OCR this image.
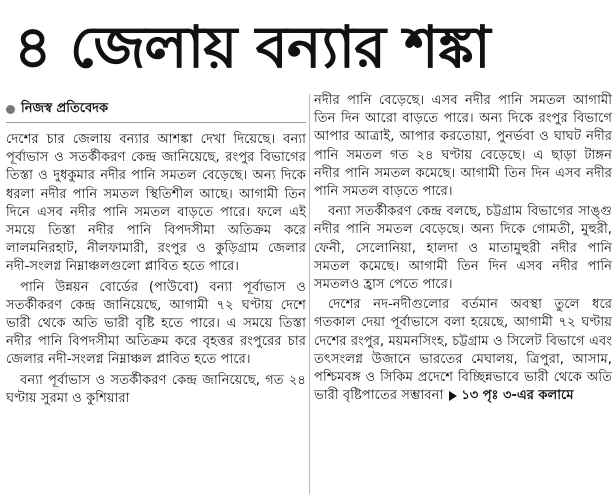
৪ জেলায় বন্যার শঙ্কা
নিজস্ব প্রতিবেদক

দেশের চার জেলায় বন্যার আশঙ্কা দেখা দিয়েছে। বন্যা পূর্বাভাস ও সতর্কীকরণ কেন্দ্র জানিয়েছে, রংপুর বিভাগের তিস্তা ও দুধকুমার নদীর পানি সমতল বেড়েছে। অন্য দিকে ধরলা নদীর পানি সমতল স্থিতিশীল আছে। আগামী তিন দিনে এসব নদীর পানি সমতল বাড়তে পারে। ফলে এই সময়ে তিস্তা নদীর পানি বিপদসীমা অতিক্রম করে লালমনিরহাট, নীলফামারী, রংপুর ও কুড়িগ্রাম জেলার নদী-সংলগ্ন নিম্নাঞ্চলগুলো প্লাবিত হতে পারে।

পানি উন্নয়ন বোর্ডের (পাউবো) বন্যা পূর্বাভাস ও সতর্কীকরণ কেন্দ্র জানিয়েছে, আগামী ৭২ ঘণ্টায় দেশে ভারী থেকে অতি ভারী বৃষ্টি হতে পারে। এ সময়ে তিস্তা নদীর পানি বিপদসীমা অতিক্রম করে বৃহত্তর রংপুরের চার জেলার নদী-সংলগ্ন নিম্নাঞ্চল প্লাবিত হতে পারে।

বন্যা পূর্বাভাস ও সতর্কীকরণ কেন্দ্র জানিয়েছে, গত ২৪ ঘণ্টায় সুরমা ও কুশিয়ারা

নদীর পানি বেড়েছে। এসব নদীর পানি সমতল আগামী তিন দিন আরো বাড়তে পারে। অন্য দিকে রংপুর বিভাগে আপার আত্রাই, আপার করতোয়া, পুনর্ভবা ও ঘাঘট নদীর পানি সমতল গত ২৪ ঘণ্টায় বেড়েছে। এ ছাড়া টাঙ্গন নদীর পানি সমতল কমেছে। আগামী তিন দিন এসব নদীর পানি সমতল বাড়তে পারে।

বন্যা সতর্কীকরণ কেন্দ্র বলছে, চট্টগ্রাম বিভাগের সাঙ্গু নদীর পানি সমতল বেড়েছে। অন্য দিকে গোমতী, মুহুরী, ফেনী, সেলোনিয়া, হালদা ও মাতামুহুরী নদীর পানি সমতল কমেছে। আগামী তিন দিন এসব নদীর পানি সমতলও হ্রাস পেতে পারে।

দেশের নদ-নদীগুলোর বর্তমান অবস্থা তুলে ধরে গতকাল দেয়া পূর্বাভাসে বলা হয়েছে, আগামী ৭২ ঘণ্টায় দেশের রংপুর, ময়মনসিংহ, চট্টগ্রাম ও সিলেট বিভাগে এবং তৎসংলগ্ন উজানে ভারতের মেঘালয়, ত্রিপুরা, আসাম, পশ্চিমবঙ্গ ও সিকিম প্রদেশে বিচ্ছিন্নভাবে ভারী থেকে অতি ভারী বৃষ্টিপাতের সম্ভাবনা ১৩ পৃঃ ৩-এর কলামে
